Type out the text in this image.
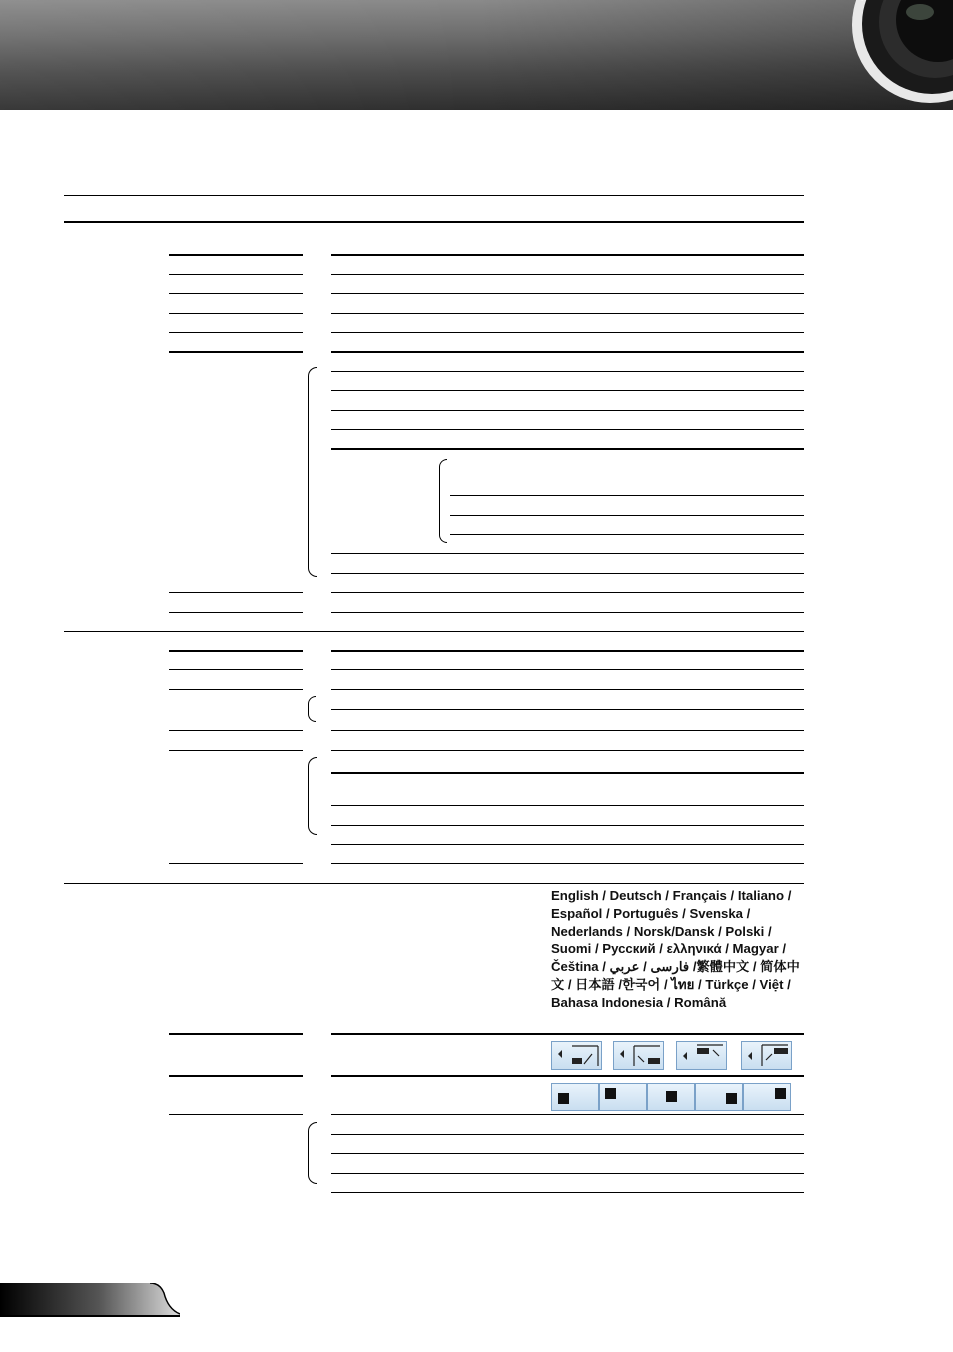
English / Deutsch / Français / Italiano / Español / Português / Svenska / Nederlands / Norsk/Dansk / Polski / Suomi / Русский / ελληνικά / Magyar / Čeština / فارسی / عربي /繁體中文 / 简体中文 / 日本語 /한국어 / ไทย / Türkçe / Việt / Bahasa Indonesia / Română
